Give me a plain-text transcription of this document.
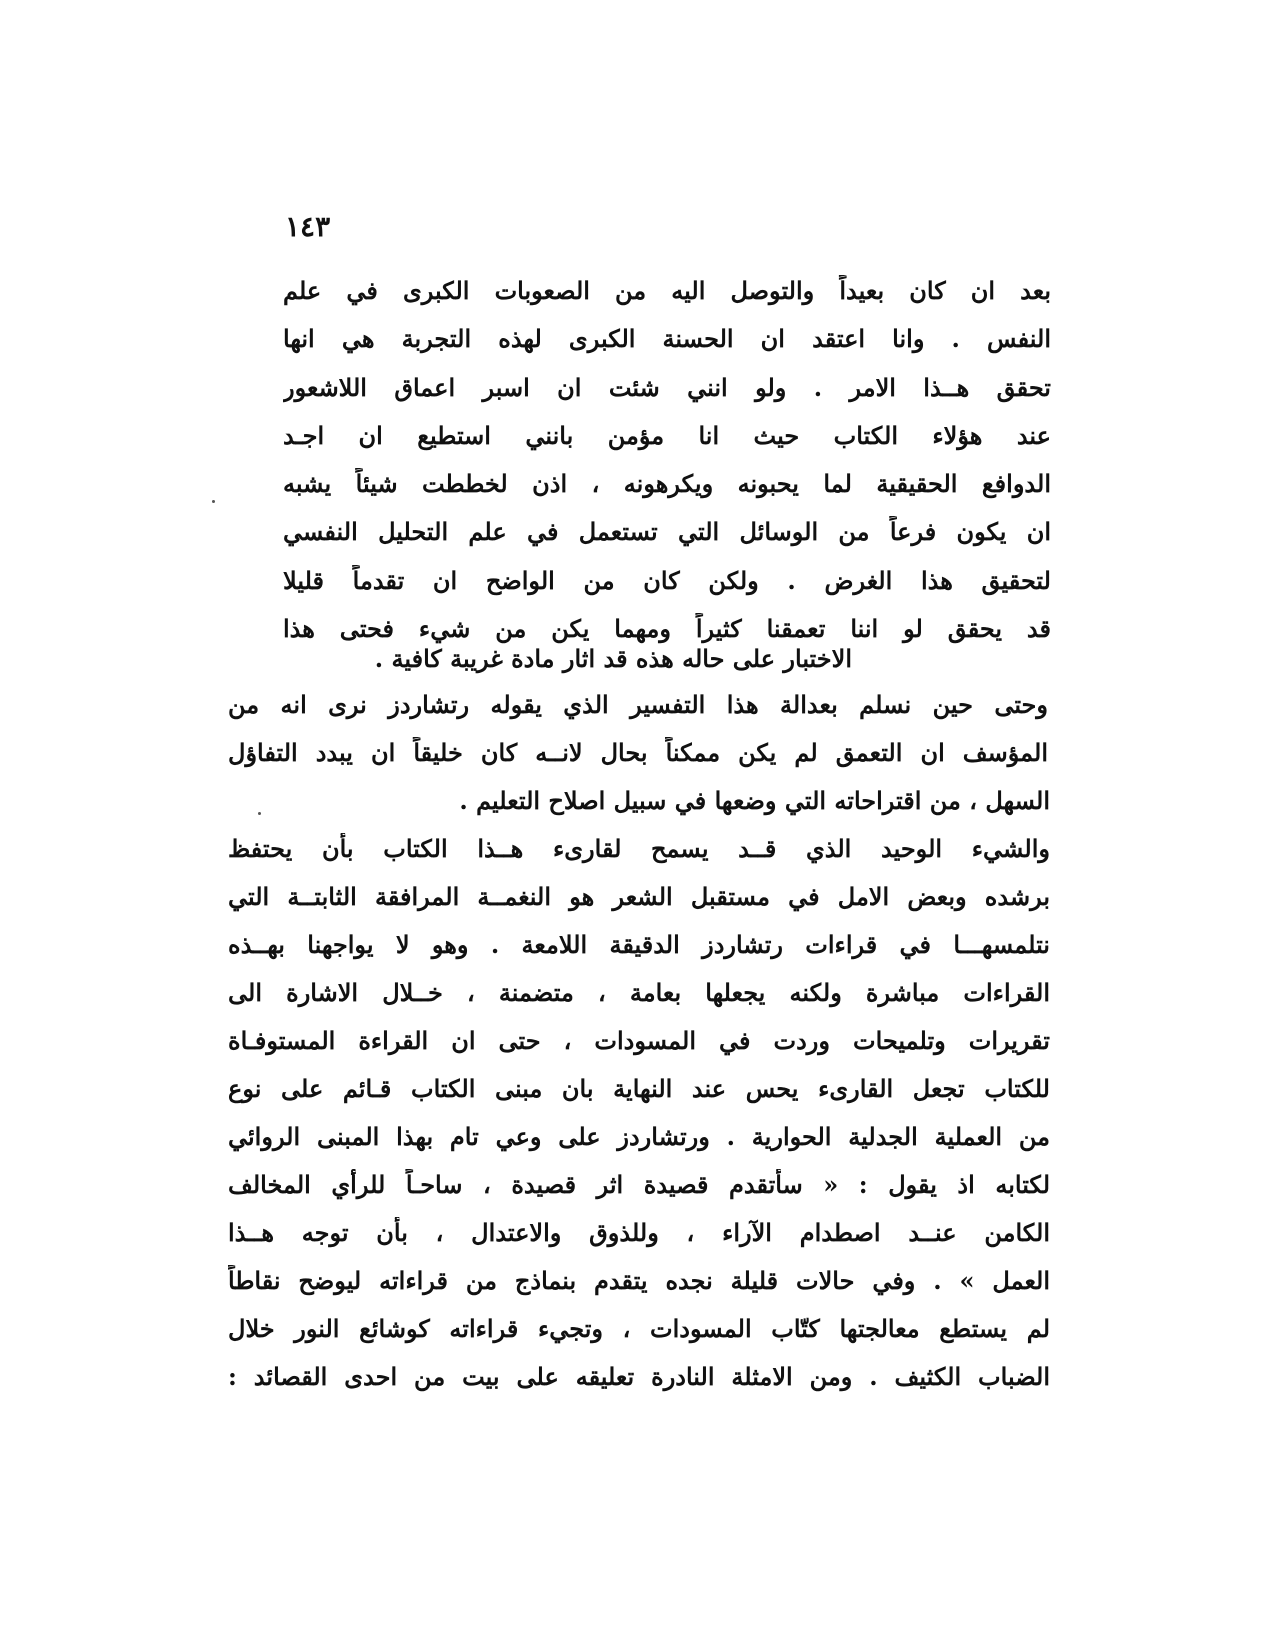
١٤٣
بعد ان كان بعيداً والتوصل اليه من الصعوبات الكبرى في علم
النفس . وانا اعتقد ان الحسنة الكبرى لهذه التجربة هي انها
تحقق هــذا الامر . ولو انني شئت ان اسبر اعماق اللاشعور
عند هؤلاء الكتاب حيث انا مؤمن بانني استطيع ان اجـد
الدوافع الحقيقية لما يحبونه ويكرهونه ، اذن لخططت شيئاً يشبه
ان يكون فرعاً من الوسائل التي تستعمل في علم التحليل النفسي
لتحقيق هذا الغرض . ولكن كان من الواضح ان تقدماً قليلا
قد يحقق لو اننا تعمقنا كثيراً ومهما يكن من شيء فحتى هذا
الاختبار على حاله هذه قد اثار مادة غريبة كافية .
وحتى حين نسلم بعدالة هذا التفسير الذي يقوله رتشاردز نرى انه من
المؤسف ان التعمق لم يكن ممكناً بحال لانــه كان خليقاً ان يبدد التفاؤل
السهل ، من اقتراحاته التي وضعها في سبيل اصلاح التعليم .
والشيء الوحيد الذي قــد يسمح لقارىء هــذا الكتاب بأن يحتفظ
برشده وبعض الامل في مستقبل الشعر هو النغمــة المرافقة الثابتــة التي
نتلمسهـــا في قراءات رتشاردز الدقيقة اللامعة . وهو لا يواجهنا بهــذه
القراءات مباشرة ولكنه يجعلها بعامة ، متضمنة ، خــلال الاشارة الى
تقريرات وتلميحات وردت في المسودات ، حتى ان القراءة المستوفـاة
للكتاب تجعل القارىء يحس عند النهاية بان مبنى الكتاب قـائم على نوع
من العملية الجدلية الحوارية . ورتشاردز على وعي تام بهذا المبنى الروائي
لكتابه اذ يقول : « سأتقدم قصيدة اثر قصيدة ، ساحـاً للرأي المخالف
الكامن عنــد اصطدام الآراء ، وللذوق والاعتدال ، بأن توجه هــذا
العمل » . وفي حالات قليلة نجده يتقدم بنماذج من قراءاته ليوضح نقاطاً
لم يستطع معالجتها كتّاب المسودات ، وتجيء قراءاته كوشائع النور خلال
الضباب الكثيف . ومن الامثلة النادرة تعليقه على بيت من احدى القصائد :
